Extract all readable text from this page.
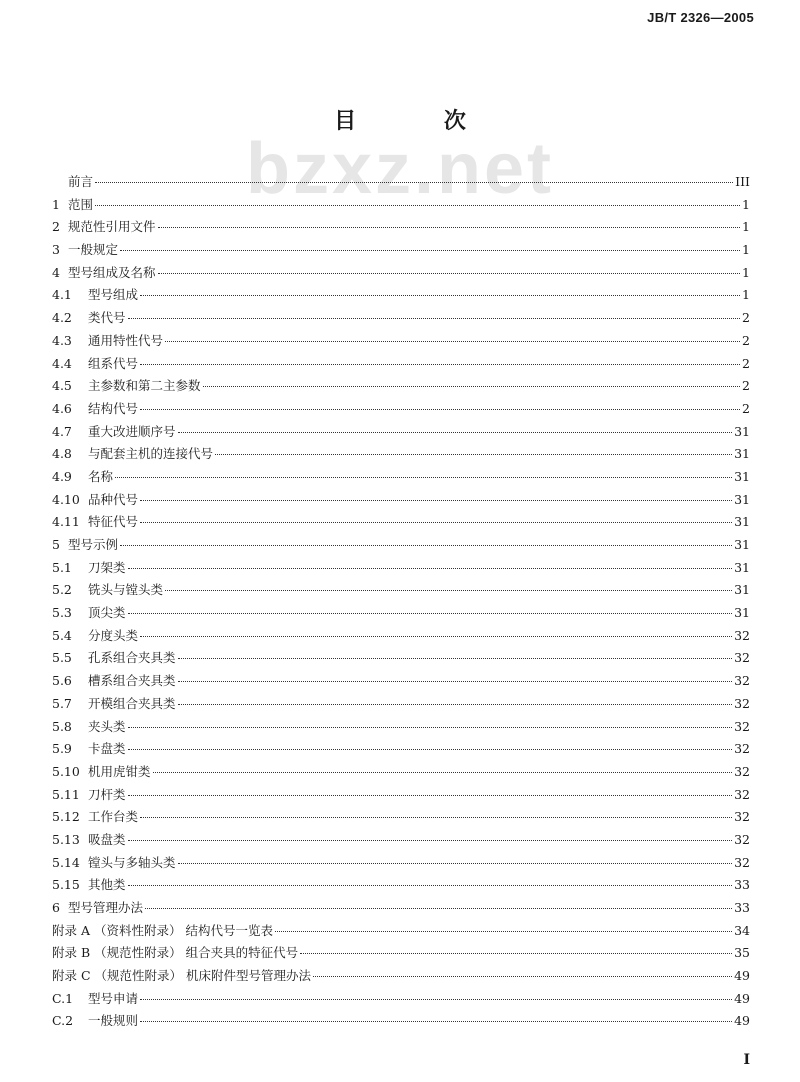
JB/T 2326—2005
目 次
bzxz.net
前言	III
1 范围	1
2 规范性引用文件	1
3 一般规定	1
4 型号组成及名称	1
4.1	型号组成	1
4.2	类代号	2
4.3	通用特性代号	2
4.4	组系代号	2
4.5	主参数和第二主参数	2
4.6	结构代号	2
4.7	重大改进顺序号	31
4.8	与配套主机的连接代号	31
4.9	名称	31
4.10 品种代号	31
4.11 特征代号	31
5 型号示例	31
5.1	刀架类	31
5.2	铣头与镗头类	31
5.3	顶尖类	31
5.4	分度头类	32
5.5	孔系组合夹具类	32
5.6	槽系组合夹具类	32
5.7	开模组合夹具类	32
5.8	夹头类	32
5.9	卡盘类	32
5.10 机用虎钳类	32
5.11 刀杆类	32
5.12 工作台类	32
5.13 吸盘类	32
5.14 镗头与多轴头类	32
5.15 其他类	33
6 型号管理办法	33
附录 A （资料性附录） 结构代号一览表	34
附录 B （规范性附录） 组合夹具的特征代号	35
附录 C （规范性附录） 机床附件型号管理办法	49
C.1	型号申请	49
C.2	一般规则	49
I
